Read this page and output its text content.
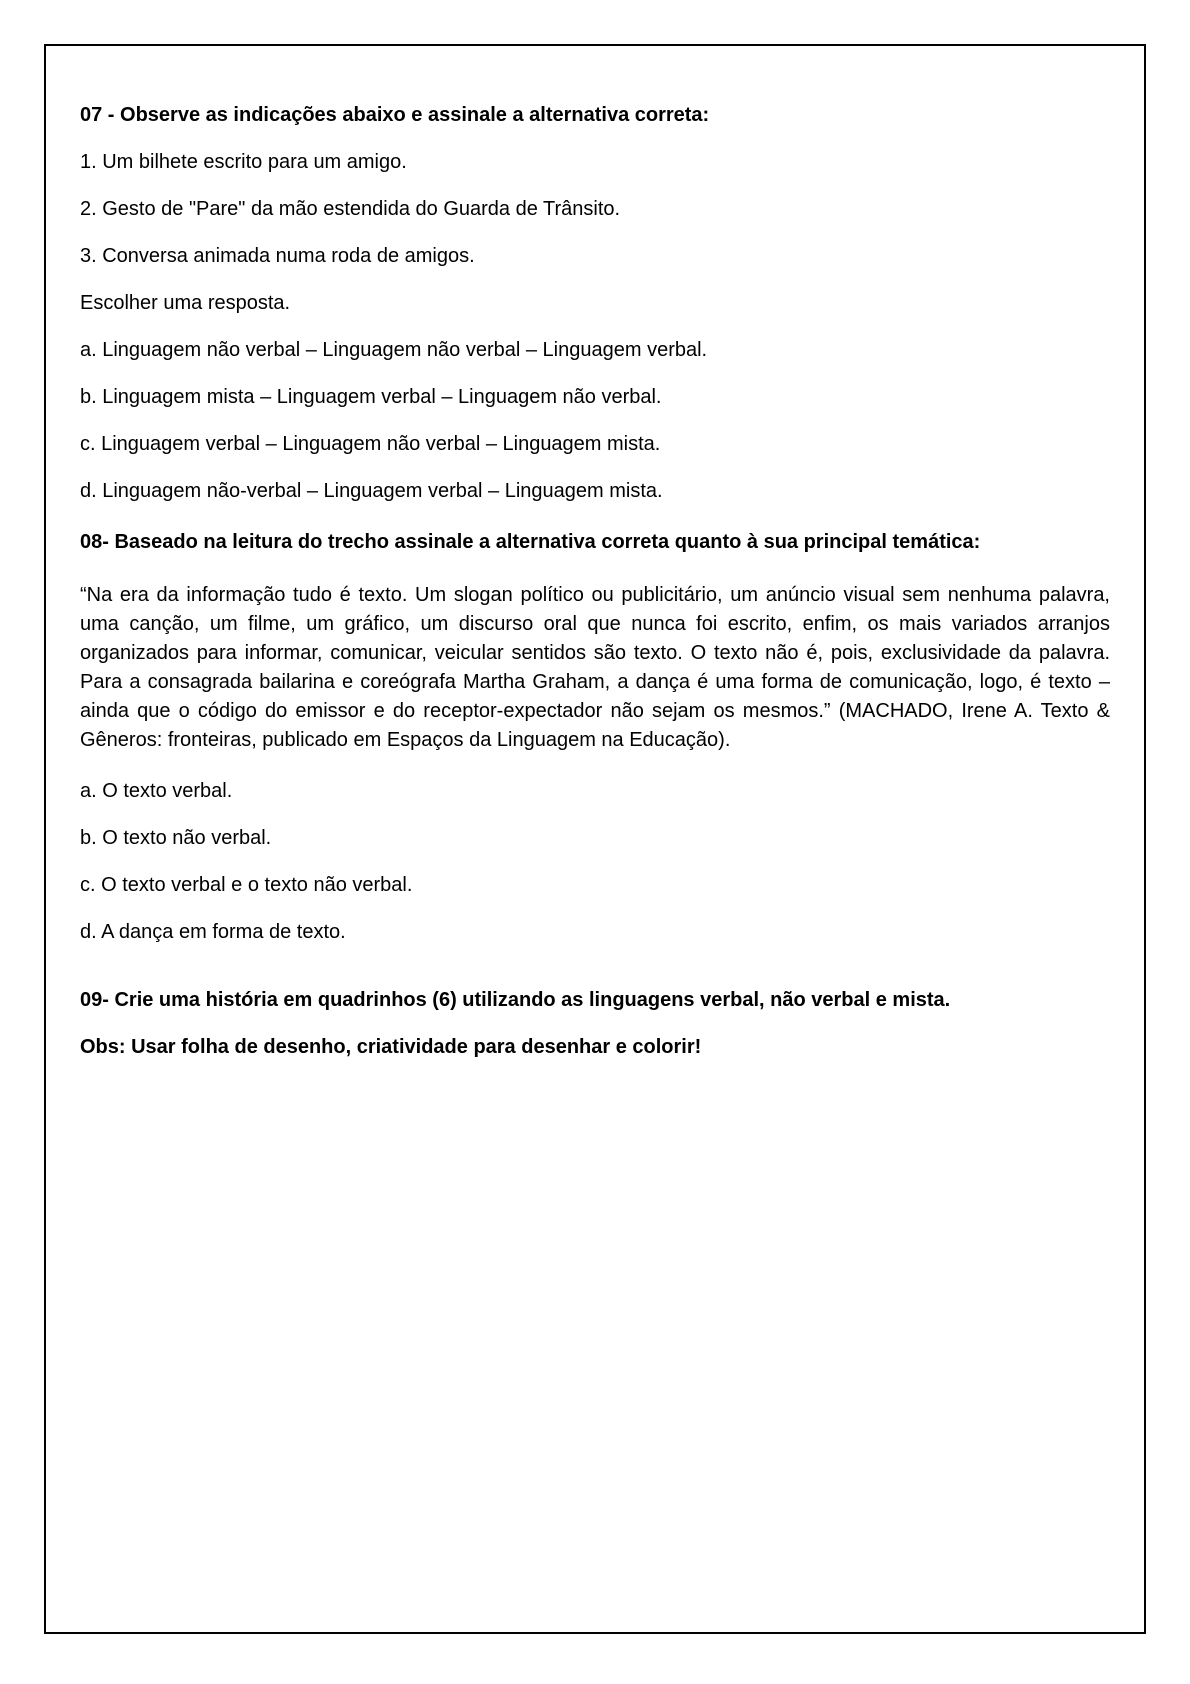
07 - Observe as indicações abaixo e assinale a alternativa correta:

1. Um bilhete escrito para um amigo.

2. Gesto de "Pare" da mão estendida do Guarda de Trânsito.

3. Conversa animada numa roda de amigos.

Escolher uma resposta.

a. Linguagem não verbal – Linguagem não verbal – Linguagem verbal.

b. Linguagem mista – Linguagem verbal – Linguagem não verbal.

c. Linguagem verbal – Linguagem não verbal – Linguagem mista.

d. Linguagem não-verbal – Linguagem verbal – Linguagem mista.

08- Baseado na leitura do trecho assinale a alternativa correta quanto à sua principal temática:

“Na era da informação tudo é texto. Um slogan político ou publicitário, um anúncio visual sem nenhuma palavra, uma canção, um filme, um gráfico, um discurso oral que nunca foi escrito, enfim, os mais variados arranjos organizados para informar, comunicar, veicular sentidos são texto. O texto não é, pois, exclusividade da palavra. Para a consagrada bailarina e coreógrafa Martha Graham, a dança é uma forma de comunicação, logo, é texto – ainda que o código do emissor e do receptor-expectador não sejam os mesmos.” (MACHADO, Irene A. Texto & Gêneros: fronteiras, publicado em Espaços da Linguagem na Educação).

a. O texto verbal.

b. O texto não verbal.

c. O texto verbal e o texto não verbal.

d. A dança em forma de texto.

09- Crie uma história em quadrinhos (6) utilizando as linguagens verbal, não verbal e mista.

Obs: Usar folha de desenho, criatividade para desenhar e colorir!
